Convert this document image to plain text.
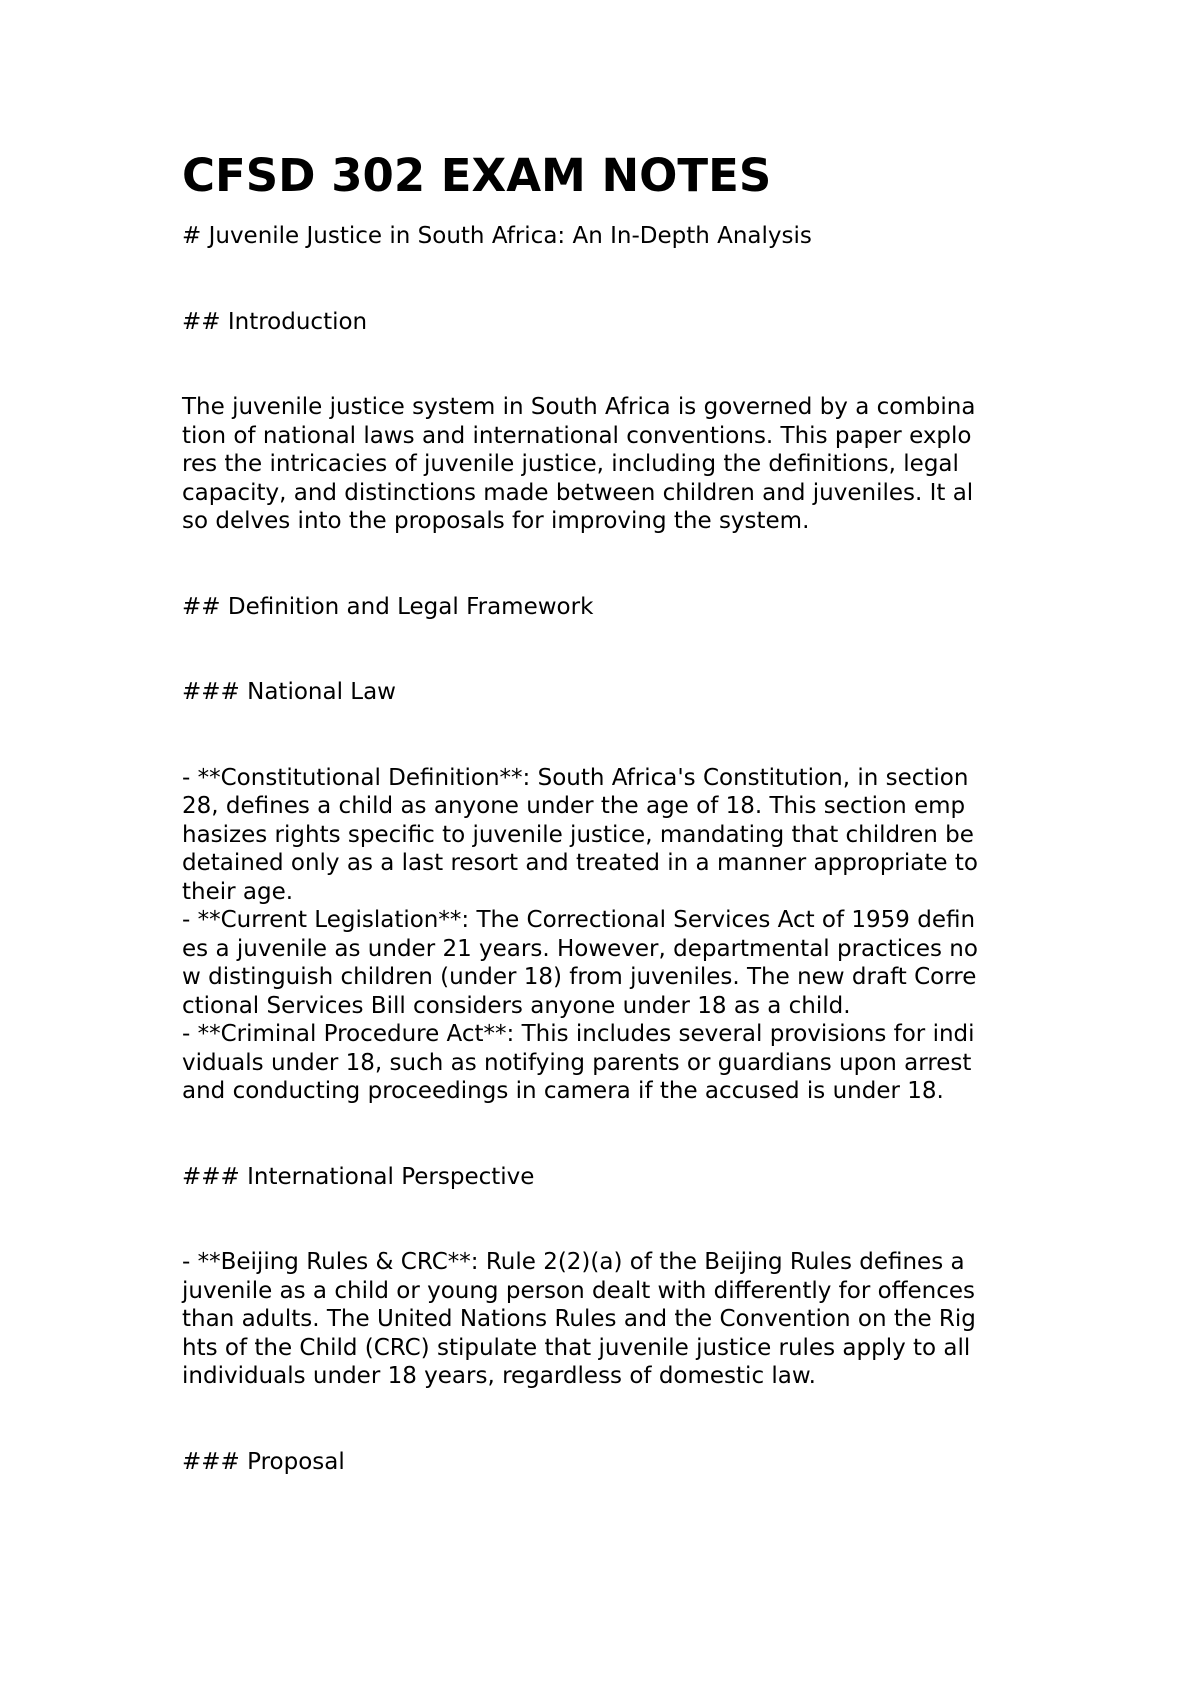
CFSD 302 EXAM NOTES

# Juvenile Justice in South Africa: An In-Depth Analysis

## Introduction

The juvenile justice system in South Africa is governed by a combina

tion of national laws and international conventions. This paper explo

res the intricacies of juvenile justice, including the definitions, legal

capacity, and distinctions made between children and juveniles. It al

so delves into the proposals for improving the system.

## Definition and Legal Framework

### National Law

- **Constitutional Definition**: South Africa's Constitution, in section

28, defines a child as anyone under the age of 18. This section emp

hasizes rights specific to juvenile justice, mandating that children be

detained only as a last resort and treated in a manner appropriate to

their age.

- **Current Legislation**: The Correctional Services Act of 1959 defin

es a juvenile as under 21 years. However, departmental practices no

w distinguish children (under 18) from juveniles. The new draft Corre

ctional Services Bill considers anyone under 18 as a child.

- **Criminal Procedure Act**: This includes several provisions for indi

viduals under 18, such as notifying parents or guardians upon arrest

and conducting proceedings in camera if the accused is under 18.

### International Perspective

- **Beijing Rules & CRC**: Rule 2(2)(a) of the Beijing Rules defines a

juvenile as a child or young person dealt with differently for offences

than adults. The United Nations Rules and the Convention on the Rig

hts of the Child (CRC) stipulate that juvenile justice rules apply to all

individuals under 18 years, regardless of domestic law.

### Proposal
